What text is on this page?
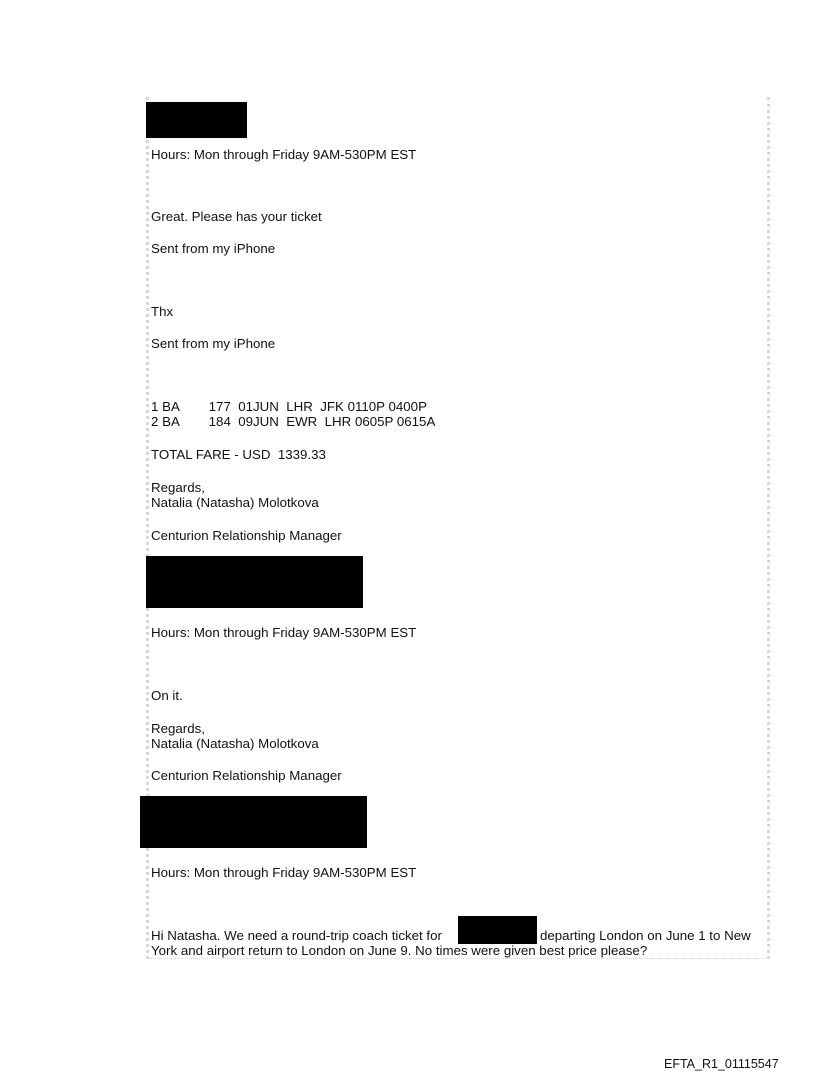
Hours: Mon through Friday 9AM-530PM EST

Great. Please has your ticket

Sent from my iPhone

Thx

Sent from my iPhone

1 BA        177  01JUN  LHR  JFK 0110P 0400P

2 BA        184  09JUN  EWR  LHR 0605P 0615A

TOTAL FARE - USD  1339.33

Regards,

Natalia (Natasha) Molotkova

Centurion Relationship Manager

Hours: Mon through Friday 9AM-530PM EST

On it.

Regards,

Natalia (Natasha) Molotkova

Centurion Relationship Manager

Hours: Mon through Friday 9AM-530PM EST

Hi Natasha. We need a round-trip coach ticket for	departing London on June 1 to New

York and airport return to London on June 9. No times were given best price please?

EFTA_R1_01115547
